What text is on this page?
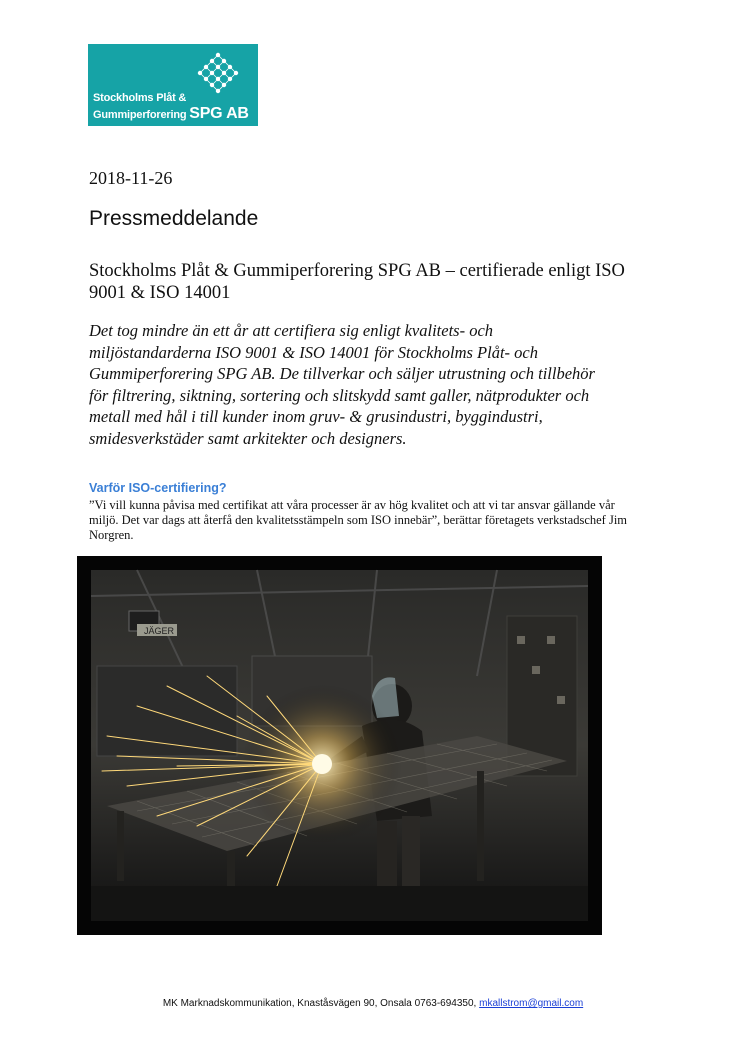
Stockholms Plåt &
Gummiperforering SPG AB
2018-11-26
Pressmeddelande
Stockholms Plåt & Gummiperforering SPG AB – certifierade enligt ISO 9001 & ISO 14001
Det tog mindre än ett år att certifiera sig enligt kvalitets- och miljöstandarderna ISO 9001 & ISO 14001 för Stockholms Plåt- och Gummiperforering SPG AB. De tillverkar och säljer utrustning och tillbehör för filtrering, siktning, sortering och slitskydd samt galler, nätprodukter och metall med hål i till kunder inom gruv- & grusindustri, byggindustri, smidesverkstäder samt arkitekter och designers.
Varför ISO-certifiering?
”Vi vill kunna påvisa med certifikat att våra processer är av hög kvalitet och att vi tar ansvar gällande vår miljö. Det var dags att återfå den kvalitetsstämpeln som ISO innebär”, berättar företagets verkstadschef Jim Norgren.
JÄGER
MK Marknadskommunikation, Knaståsvägen 90, Onsala 0763-694350, mkallstrom@gmail.com
